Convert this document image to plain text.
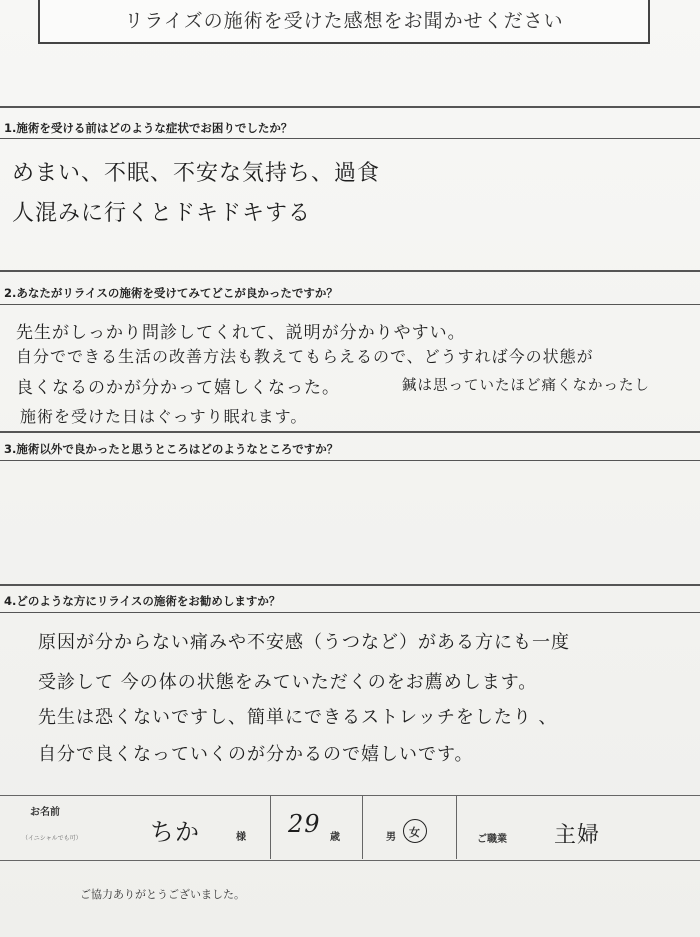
リライズの施術を受けた感想をお聞かせください
1.施術を受ける前はどのような症状でお困りでしたか？
めまい、不眠、不安な気持ち、過食
人混みに行くとドキドキする
2.あなたがリライスの施術を受けてみてどこが良かったですか？
先生がしっかり問診してくれて、説明が分かりやすい。
自分でできる生活の改善方法も教えてもらえるので、どうすれば今の状態が
良くなるのかが分かって嬉しくなった。	鍼は思っていたほど痛くなかったし
施術を受けた日はぐっすり眠れます。
3.施術以外で良かったと思うところはどのようなところですか？
4.どのような方にリライスの施術をお勧めしますか？
原因が分からない痛みや不安感（うつなど）がある方にも一度
受診して 今の体の状態をみていただくのをお薦めします。
先生は恐くないですし、簡単にできるストレッチをしたり 、
自分で良くなっていくのが分かるので嬉しいです。
お名前
（イニシャルでも可）	ちか	様 29 歳	男 女
ご職業 主婦
ご協力ありがとうございました。
